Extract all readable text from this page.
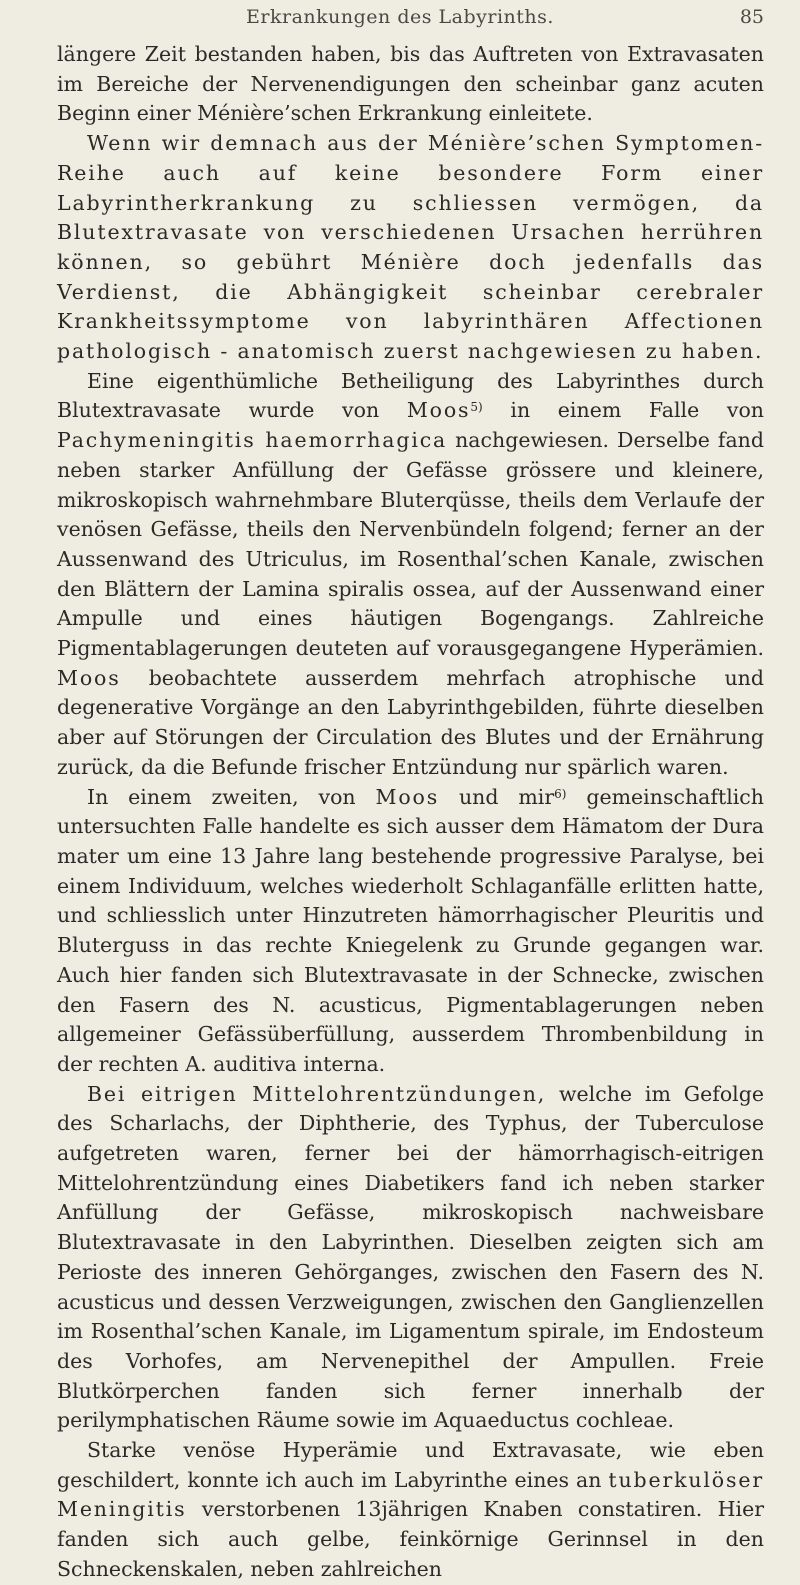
Erkrankungen des Labyrinths.	85

längere Zeit bestanden haben, bis das Auftreten von Extravasaten im Bereiche der Nervenendigungen den scheinbar ganz acuten Beginn einer Ménière’schen Erkrankung einleitete.

Wenn wir demnach aus der Ménière’schen Symptomen-Reihe auch auf keine besondere Form einer Labyrintherkrankung zu schliessen vermögen, da Blutextravasate von verschiedenen Ursachen herrühren können, so gebührt Ménière doch jedenfalls das Verdienst, die Abhängigkeit scheinbar cerebraler Krankheitssymptome von labyrinthären Affectionen pathologisch - anatomisch zuerst nachgewiesen zu haben.

Eine eigenthümliche Betheiligung des Labyrinthes durch Blutextravasate wurde von Moos$^{5)}$ in einem Falle von Pachymeningitis haemorrhagica nachgewiesen. Derselbe fand neben starker Anfüllung der Gefässe grössere und kleinere, mikroskopisch wahrnehmbare Bluterqüsse, theils dem Verlaufe der venösen Gefässe, theils den Nervenbündeln folgend; ferner an der Aussenwand des Utriculus, im Rosenthal’schen Kanale, zwischen den Blättern der Lamina spiralis ossea, auf der Aussenwand einer Ampulle und eines häutigen Bogengangs. Zahlreiche Pigmentablagerungen deuteten auf vorausgegangene Hyperämien. Moos beobachtete ausserdem mehrfach atrophische und degenerative Vorgänge an den Labyrinthgebilden, führte dieselben aber auf Störungen der Circulation des Blutes und der Ernährung zurück, da die Befunde frischer Entzündung nur spärlich waren.

In einem zweiten, von Moos und mir$^{6)}$ gemeinschaftlich untersuchten Falle handelte es sich ausser dem Hämatom der Dura mater um eine 13 Jahre lang bestehende progressive Paralyse, bei einem Individuum, welches wiederholt Schlaganfälle erlitten hatte, und schliesslich unter Hinzutreten hämorrhagischer Pleuritis und Bluterguss in das rechte Kniegelenk zu Grunde gegangen war. Auch hier fanden sich Blutextravasate in der Schnecke, zwischen den Fasern des N. acusticus, Pigmentablagerungen neben allgemeiner Gefässüberfüllung, ausserdem Thrombenbildung in der rechten A. auditiva interna.

Bei eitrigen Mittelohrentzündungen, welche im Gefolge des Scharlachs, der Diphtherie, des Typhus, der Tuberculose aufgetreten waren, ferner bei der hämorrhagisch-eitrigen Mittelohrentzündung eines Diabetikers fand ich neben starker Anfüllung der Gefässe, mikroskopisch nachweisbare Blutextravasate in den Labyrinthen. Dieselben zeigten sich am Perioste des inneren Gehörganges, zwischen den Fasern des N. acusticus und dessen Verzweigungen, zwischen den Ganglienzellen im Rosenthal’schen Kanale, im Ligamentum spirale, im Endosteum des Vorhofes, am Nervenepithel der Ampullen. Freie Blutkörperchen fanden sich ferner innerhalb der perilymphatischen Räume sowie im Aquaeductus cochleae.

Starke venöse Hyperämie und Extravasate, wie eben geschildert, konnte ich auch im Labyrinthe eines an tuberkulöser Meningitis verstorbenen 13jährigen Knaben constatiren. Hier fanden sich auch gelbe, feinkörnige Gerinnsel in den Schneckenskalen, neben zahlreichen
